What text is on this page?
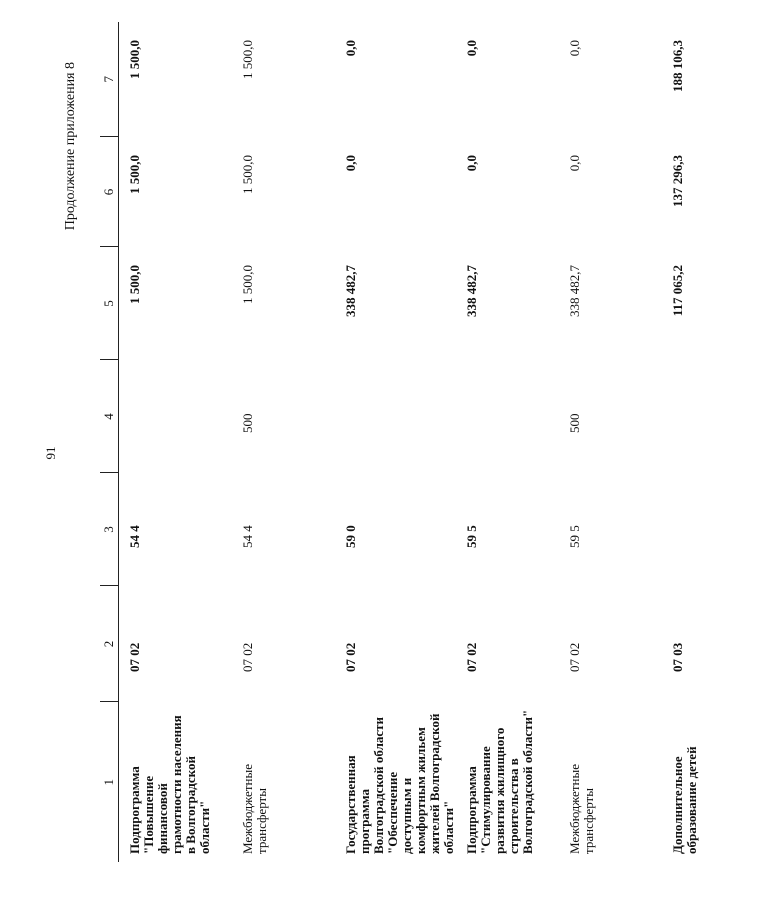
91
Продолжение приложения 8
1	2	3	4	5	6	7
Подпрограмма "Повышение финансовой грамотности населения в Волгоградской области"	07 02	54 4		1 500,0	1 500,0	1 500,0
Межбюджетные трансферты	07 02	54 4	500	1 500,0	1 500,0	1 500,0
Государственная программа Волгоградской области "Обеспечение доступным и комфортным жильем жителей Волгоградской области"	07 02	59 0		338 482,7	0,0	0,0
Подпрограмма "Стимулирование развития жилищного строительства в Волгоградской области"	07 02	59 5		338 482,7	0,0	0,0
Межбюджетные трансферты	07 02	59 5	500	338 482,7	0,0	0,0
Дополнительное образование детей	07 03			117 065,2	137 296,3	188 106,3
